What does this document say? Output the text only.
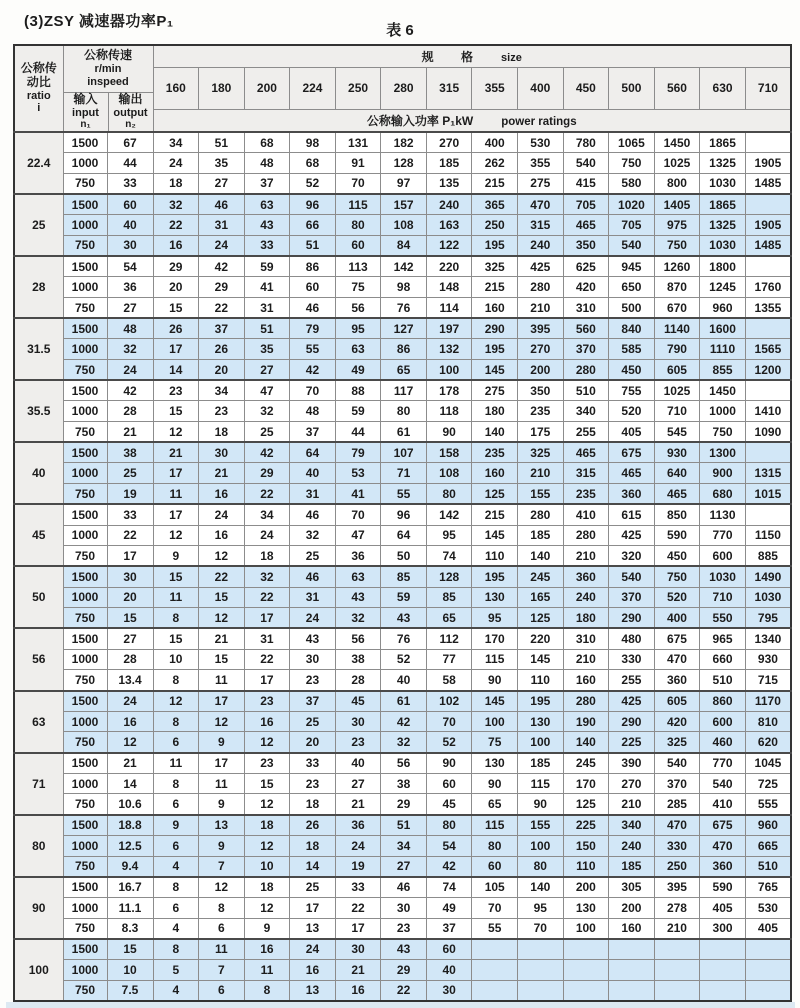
(3)ZSY 减速器功率P₁
表 6
公称传
动比
ratio
i

公称传速
r/min
inspeed
输入
input
n₁
输出
output
n₂
	规 格 size
			160	180	200	224	250	280	315	355	400	450	500	560	630	710
			公称输入功率 P₁kW power ratings													
22.4	1500	67	34	51	68	98	131	182	270	400	530	780	1065	1450	1865	
	1000	44	24	35	48	68	91	128	185	262	355	540	750	1025	1325	1905
	750	33	18	27	37	52	70	97	135	215	275	415	580	800	1030	1485
25	1500	60	32	46	63	96	115	157	240	365	470	705	1020	1405	1865	
	1000	40	22	31	43	66	80	108	163	250	315	465	705	975	1325	1905
	750	30	16	24	33	51	60	84	122	195	240	350	540	750	1030	1485
28	1500	54	29	42	59	86	113	142	220	325	425	625	945	1260	1800	
	1000	36	20	29	41	60	75	98	148	215	280	420	650	870	1245	1760
	750	27	15	22	31	46	56	76	114	160	210	310	500	670	960	1355
31.5	1500	48	26	37	51	79	95	127	197	290	395	560	840	1140	1600	
	1000	32	17	26	35	55	63	86	132	195	270	370	585	790	1110	1565
	750	24	14	20	27	42	49	65	100	145	200	280	450	605	855	1200
35.5	1500	42	23	34	47	70	88	117	178	275	350	510	755	1025	1450	
	1000	28	15	23	32	48	59	80	118	180	235	340	520	710	1000	1410
	750	21	12	18	25	37	44	61	90	140	175	255	405	545	750	1090
40	1500	38	21	30	42	64	79	107	158	235	325	465	675	930	1300	
	1000	25	17	21	29	40	53	71	108	160	210	315	465	640	900	1315
	750	19	11	16	22	31	41	55	80	125	155	235	360	465	680	1015
45	1500	33	17	24	34	46	70	96	142	215	280	410	615	850	1130	
	1000	22	12	16	24	32	47	64	95	145	185	280	425	590	770	1150
	750	17	9	12	18	25	36	50	74	110	140	210	320	450	600	885
50	1500	30	15	22	32	46	63	85	128	195	245	360	540	750	1030	1490
	1000	20	11	15	22	31	43	59	85	130	165	240	370	520	710	1030
	750	15	8	12	17	24	32	43	65	95	125	180	290	400	550	795
56	1500	27	15	21	31	43	56	76	112	170	220	310	480	675	965	1340
	1000	28	10	15	22	30	38	52	77	115	145	210	330	470	660	930
	750	13.4	8	11	17	23	28	40	58	90	110	160	255	360	510	715
63	1500	24	12	17	23	37	45	61	102	145	195	280	425	605	860	1170
	1000	16	8	12	16	25	30	42	70	100	130	190	290	420	600	810
	750	12	6	9	12	20	23	32	52	75	100	140	225	325	460	620
71	1500	21	11	17	23	33	40	56	90	130	185	245	390	540	770	1045
	1000	14	8	11	15	23	27	38	60	90	115	170	270	370	540	725
	750	10.6	6	9	12	18	21	29	45	65	90	125	210	285	410	555
80	1500	18.8	9	13	18	26	36	51	80	115	155	225	340	470	675	960
	1000	12.5	6	9	12	18	24	34	54	80	100	150	240	330	470	665
	750	9.4	4	7	10	14	19	27	42	60	80	110	185	250	360	510
90	1500	16.7	8	12	18	25	33	46	74	105	140	200	305	395	590	765
	1000	11.1	6	8	12	17	22	30	49	70	95	130	200	278	405	530
	750	8.3	4	6	9	13	17	23	37	55	70	100	160	210	300	405
100	1500	15	8	11	16	24	30	43	60							
	1000	10	5	7	11	16	21	29	40							
	750	7.5	4	6	8	13	16	22	30							
